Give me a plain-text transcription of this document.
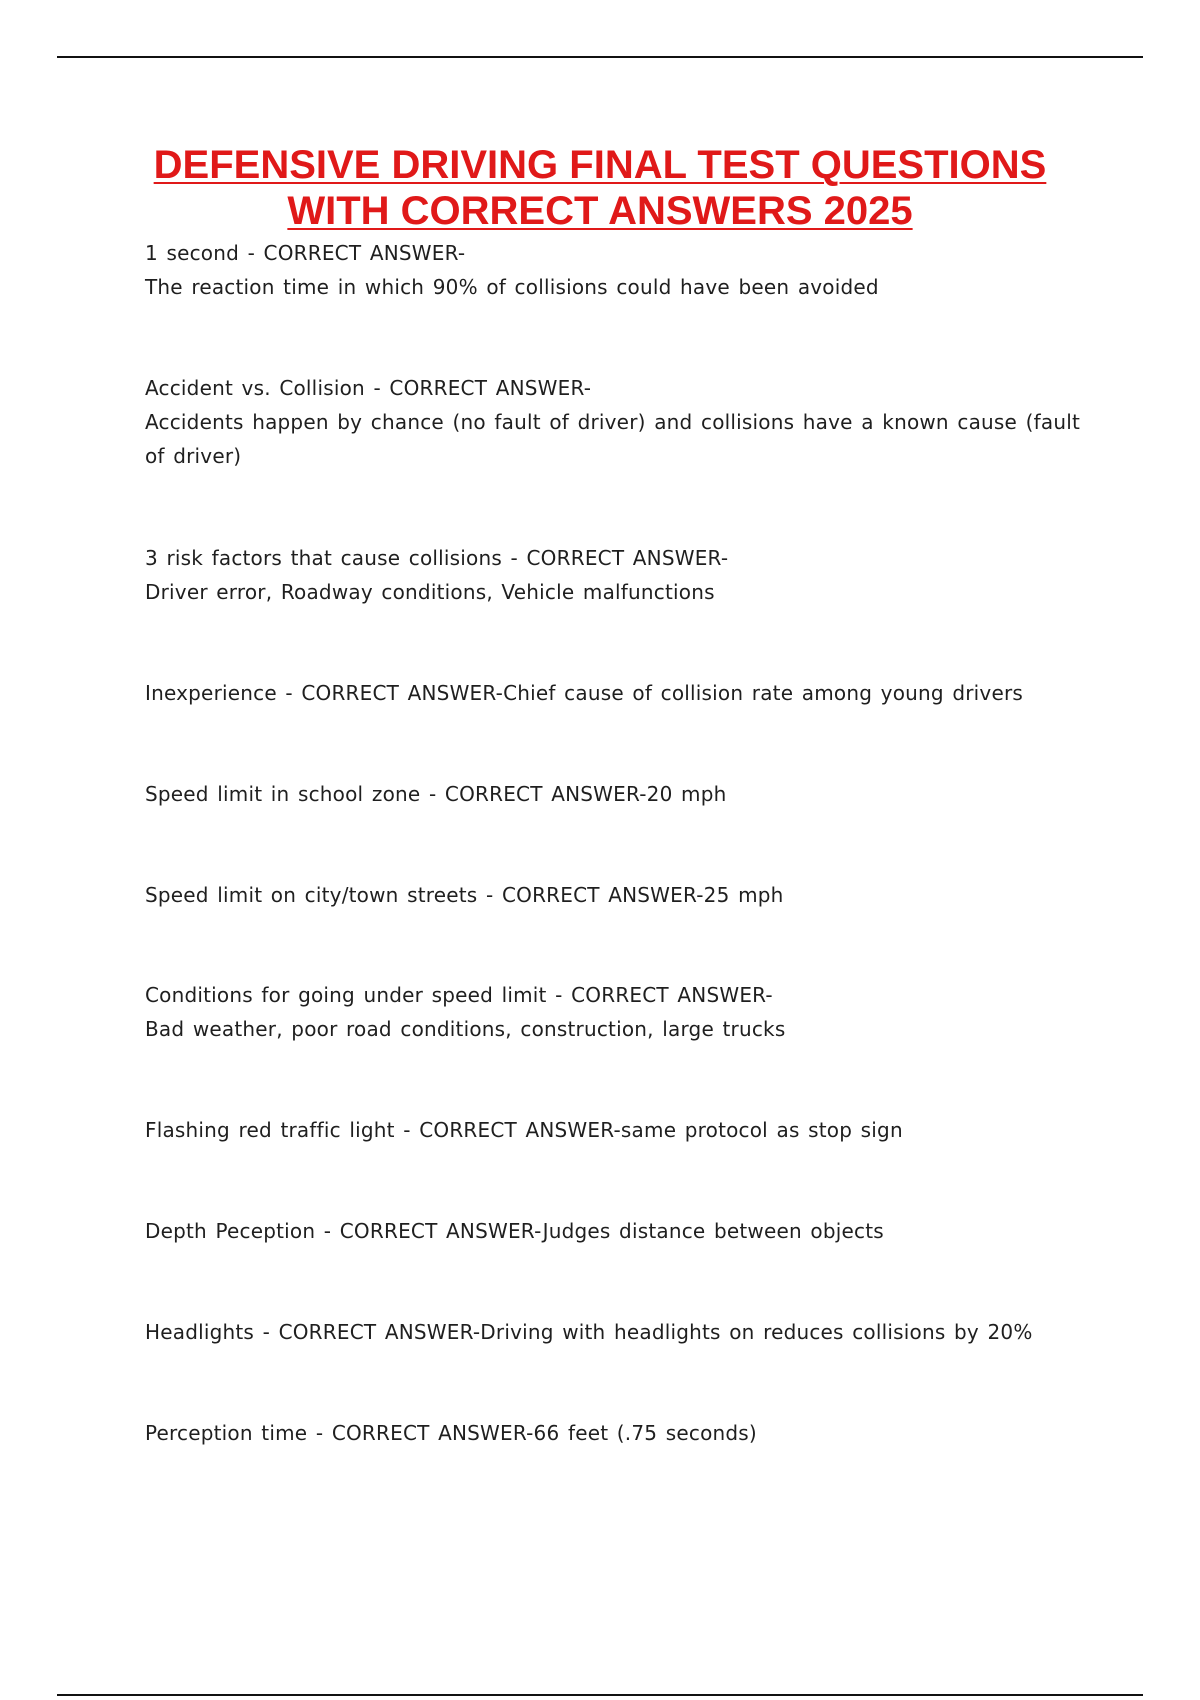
DEFENSIVE DRIVING FINAL TEST QUESTIONS
WITH CORRECT ANSWERS 2025
1 second - CORRECT ANSWER-
The reaction time in which 90% of collisions could have been avoided
Accident vs. Collision - CORRECT ANSWER-
Accidents happen by chance (no fault of driver) and collisions have a known cause (fault of driver)
3 risk factors that cause collisions - CORRECT ANSWER-
Driver error, Roadway conditions, Vehicle malfunctions
Inexperience - CORRECT ANSWER-Chief cause of collision rate among young drivers
Speed limit in school zone - CORRECT ANSWER-20 mph
Speed limit on city/town streets - CORRECT ANSWER-25 mph
Conditions for going under speed limit - CORRECT ANSWER-
Bad weather, poor road conditions, construction, large trucks
Flashing red traffic light - CORRECT ANSWER-same protocol as stop sign
Depth Peception - CORRECT ANSWER-Judges distance between objects
Headlights - CORRECT ANSWER-Driving with headlights on reduces collisions by 20%
Perception time - CORRECT ANSWER-66 feet (.75 seconds)
